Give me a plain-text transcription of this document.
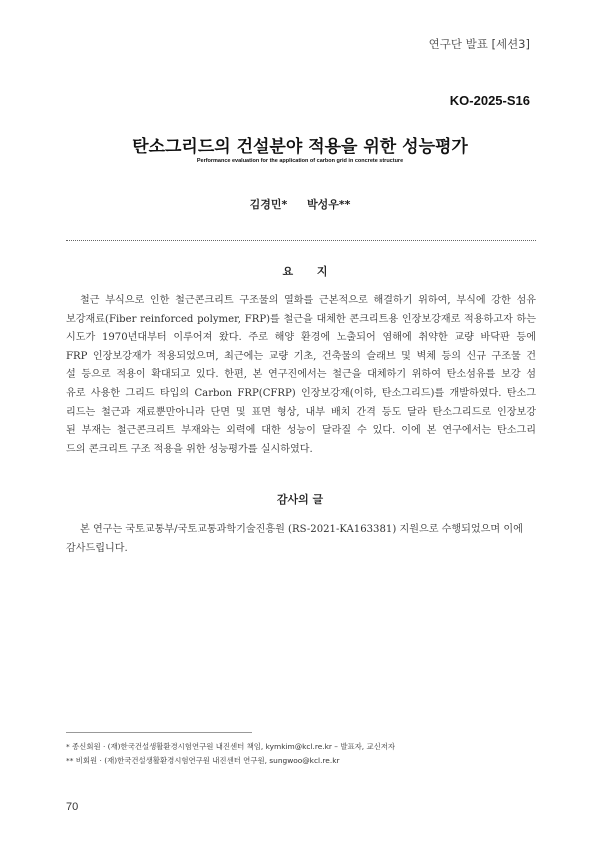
연구단 발표 [세션3]
KO-2025-S16
탄소그리드의 건설분야 적용을 위한 성능평가
Performance evaluation for the application of carbon grid in concrete structure
김경민* 박성우**
요 지
철근 부식으로 인한 철근콘크리트 구조물의 열화를 근본적으로 해결하기 위하여, 부식에 강한 섬유
보강재료(Fiber reinforced polymer, FRP)를 철근을 대체한 콘크리트용 인장보강재로 적용하고자 하는
시도가 1970년대부터 이루어져 왔다. 주로 해양 환경에 노출되어 염해에 취약한 교량 바닥판 등에
FRP 인장보강재가 적용되었으며, 최근에는 교량 기초, 건축물의 슬래브 및 벽체 등의 신규 구조물 건
설 등으로 적용이 확대되고 있다. 한편, 본 연구진에서는 철근을 대체하기 위하여 탄소섬유를 보강 섬
유로 사용한 그리드 타입의 Carbon FRP(CFRP) 인장보강재(이하, 탄소그리드)를 개발하였다. 탄소그
리드는 철근과 재료뿐만아니라 단면 및 표면 형상, 내부 배치 간격 등도 달라 탄소그리드로 인장보강
된 부재는 철근콘크리트 부재와는 외력에 대한 성능이 달라질 수 있다. 이에 본 연구에서는 탄소그리
드의 콘크리트 구조 적용을 위한 성능평가를 실시하였다.
감사의 글
본 연구는 국토교통부/국토교통과학기술진흥원 (RS-2021-KA163381) 지원으로 수행되었으며 이에
감사드립니다.
* 종신회원 · (재)한국건설생활환경시험연구원 내진센터 책임, kymkim@kcl.re.kr – 발표자, 교신저자
** 비회원 · (재)한국건설생활환경시험연구원 내진센터 연구원, sungwoo@kcl.re.kr
70
